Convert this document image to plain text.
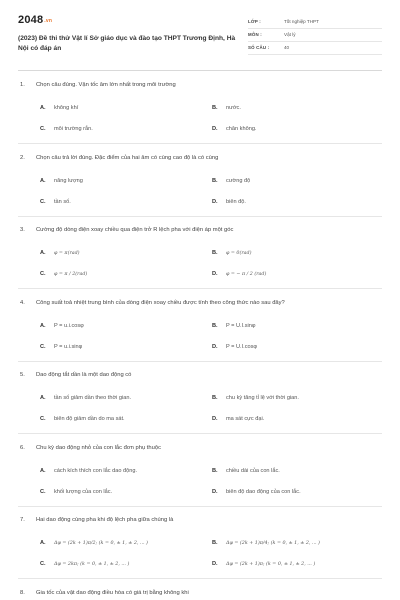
2048.vn
(2023) Đề thi thử Vật lí Sở giáo dục và đào tạo THPT Trương Định, Hà Nội có đáp án
LỚP :	Tốt nghiệp THPT
MÔN :	Vật lý
SỐ CÂU :	40
1. Chọn câu đúng. Vận tốc âm lớn nhất trong môi trường
A. không khí	B. nước.
C. môi trường rắn.	D. chân không.
2. Chọn câu trả lời đúng. Đặc điểm của hai âm có cùng cao độ là có cùng
A. năng lượng	B. cường độ
C. tần số.	D. biên độ.
3. Cường độ dòng điện xoay chiều qua điện trở R lệch pha với điện áp một góc
A. φ = π(rad)	B. φ = 0(rad)
C. φ = π / 2(rad)	D. φ = − π / 2 (rad)
4. Công suất toả nhiệt trung bình của dòng điện xoay chiều được tính theo công thức nào sau đây?
A. P = u.i.cosφ	B. P = U.I.sinφ
C. P = u.i.sinφ	D. P = U.I.cosφ
5. Dao động tắt dần là một dao động có
A. tần số giảm dần theo thời gian.	B. chu kỳ tăng tỉ lệ với thời gian.
C. biên độ giảm dần do ma sát.	D. ma sát cực đại.
6. Chu kỳ dao động nhỏ của con lắc đơn phụ thuộc
A. cách kích thích con lắc dao động.	B. chiều dài của con lắc.
C. khối lượng của con lắc.	D. biên độ dao động của con lắc.
7. Hai dao động cùng pha khi độ lệch pha giữa chúng là
A. Δφ = (2k + 1)π/2; (k = 0, ± 1, ± 2, ... )	B. Δφ = (2k + 1)π/4; (k = 0, ± 1, ± 2, ... )
C. Δφ = 2kπ; (k = 0, ± 1, ± 2, ... )	D. Δφ = (2k + 1)π; (k = 0, ± 1, ± 2, ... )
8. Gia tốc của vật dao động điều hòa có giá trị bằng không khi
